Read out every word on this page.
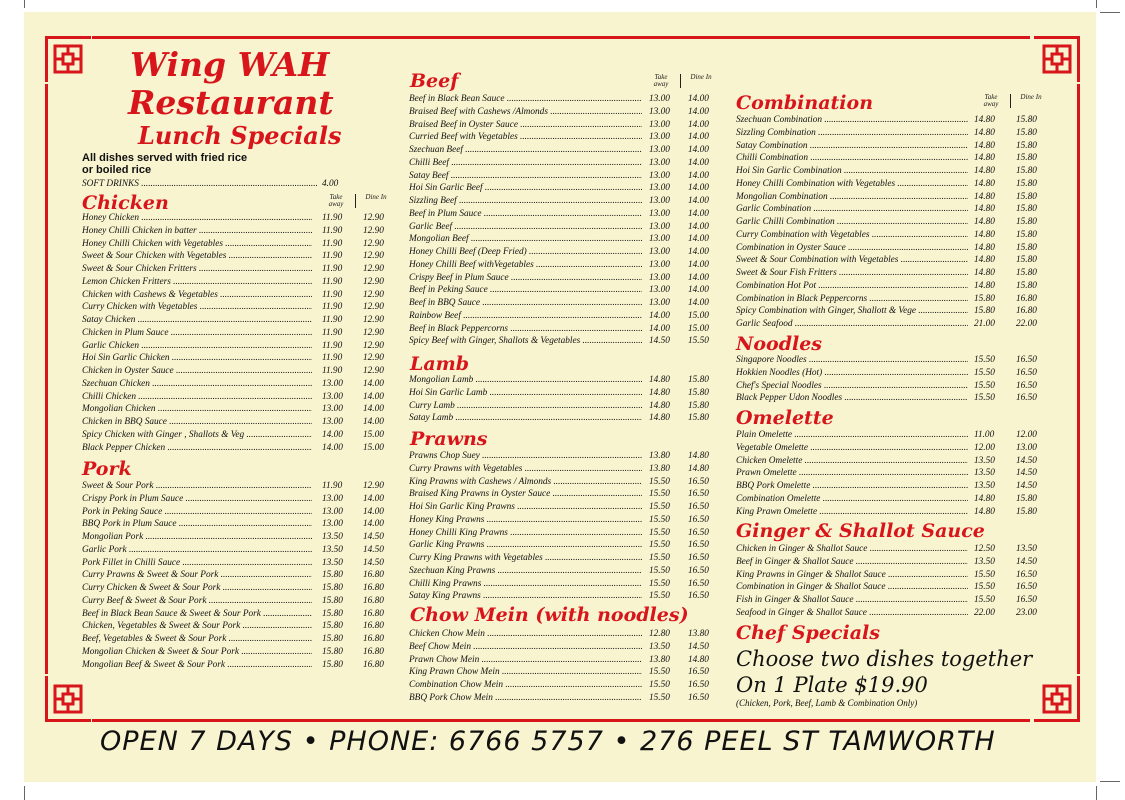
Wing WAH
Restaurant
Lunch Specials
All dishes served with fried rice
or boiled rice
SOFT DRINKS .....	4.00
Chicken	Take away
Dine In
Honey Chicken .....	11.90 12.90
Honey Chilli Chicken in batter .....	11.90 12.90
Honey Chilli Chicken with Vegetables .....	11.90 12.90
Sweet & Sour Chicken with Vegetables .....	11.90 12.90
Sweet & Sour Chicken Fritters .....	11.90 12.90
Lemon Chicken Fritters .....	11.90 12.90
Chicken with Cashews & Vegetables .....	11.90 12.90
Curry Chicken with Vegetables .....	11.90 12.90
Satay Chicken .....	11.90 12.90
Chicken in Plum Sauce .....	11.90 12.90
Garlic Chicken .....	11.90 12.90
Hoi Sin Garlic Chicken .....	11.90 12.90
Chicken in Oyster Sauce .....	11.90 12.90
Szechuan Chicken .....	13.00 14.00
Chilli Chicken .....	13.00 14.00
Mongolian Chicken .....	13.00 14.00
Chicken in BBQ Sauce .....	13.00 14.00
Spicy Chicken with Ginger , Shallots & Veg .....	14.00 15.00
Black Pepper Chicken .....	14.00 15.00
Pork
Sweet & Sour Pork .....	11.90 12.90
Crispy Pork in Plum Sauce .....	13.00 14.00
Pork in Peking Sauce .....	13.00 14.00
BBQ Pork in Plum Sauce .....	13.00 14.00
Mongolian Pork .....	13.50 14.50
Garlic Pork .....	13.50 14.50
Pork Fillet in Chilli Sauce .....	13.50 14.50
Curry Prawns & Sweet & Sour Pork .....	15.80 16.80
Curry Chicken & Sweet & Sour Pork .....	15.80 16.80
Curry Beef & Sweet & Sour Pork .....	15.80 16.80
Beef in Black Bean Sauce & Sweet & Sour Pork .....	15.80 16.80
Chicken, Vegetables & Sweet & Sour Pork .....	15.80 16.80
Beef, Vegetables & Sweet & Sour Pork .....	15.80 16.80
Mongolian Chicken & Sweet & Sour Pork .....	15.80 16.80
Mongolian Beef & Sweet & Sour Pork .....	15.80 16.80
Beef	Take away
Dine In
Beef in Black Bean Sauce .....	13.00 14.00
Braised Beef with Cashews /Almonds .....	13.00 14.00
Braised Beef in Oyster Sauce .....	13.00 14.00
Curried Beef with Vegetables .....	13.00 14.00
Szechuan Beef .....	13.00 14.00
Chilli Beef .....	13.00 14.00
Satay Beef .....	13.00 14.00
Hoi Sin Garlic Beef .....	13.00 14.00
Sizzling Beef .....	13.00 14.00
Beef in Plum Sauce .....	13.00 14.00
Garlic Beef .....	13.00 14.00
Mongolian Beef .....	13.00 14.00
Honey Chilli Beef (Deep Fried) .....	13.00 14.00
Honey Chilli Beef withVegetables .....	13.00 14.00
Crispy Beef in Plum Sauce .....	13.00 14.00
Beef in Peking Sauce .....	13.00 14.00
Beef in BBQ Sauce .....	13.00 14.00
Rainbow Beef .....	14.00 15.00
Beef in Black Peppercorns .....	14.00 15.00
Spicy Beef with Ginger, Shallots & Vegetables .....	14.50 15.50
Lamb
Mongolian Lamb .....	14.80 15.80
Hoi Sin Garlic Lamb .....	14.80 15.80
Curry Lamb .....	14.80 15.80
Satay Lamb .....	14.80 15.80
Prawns
Prawns Chop Suey .....	13.80 14.80
Curry Prawns with Vegetables .....	13.80 14.80
King Prawns with Cashews / Almonds .....	15.50 16.50
Braised King Prawns in Oyster Sauce .....	15.50 16.50
Hoi Sin Garlic King Prawns .....	15.50 16.50
Honey King Prawns .....	15.50 16.50
Honey Chilli King Prawns .....	15.50 16.50
Garlic King Prawns .....	15.50 16.50
Curry King Prawns with Vegetables .....	15.50 16.50
Szechuan King Prawns .....	15.50 16.50
Chilli King Prawns .....	15.50 16.50
Satay King Prawns .....	15.50 16.50
Chow Mein (with noodles)
Chicken Chow Mein .....	12.80 13.80
Beef Chow Mein .....	13.50 14.50
Prawn Chow Mein .....	13.80 14.80
King Prawn Chow Mein .....	15.50 16.50
Combination Chow Mein .....	15.50 16.50
BBQ Pork Chow Mein .....	15.50 16.50
Combination	Take away
Dine In
Szechuan Combination .....	14.80 15.80
Sizzling Combination .....	14.80 15.80
Satay Combination .....	14.80 15.80
Chilli Combination .....	14.80 15.80
Hoi Sin Garlic Combination .....	14.80 15.80
Honey Chilli Combination with Vegetables .....	14.80 15.80
Mongolian Combination .....	14.80 15.80
Garlic Combination .....	14.80 15.80
Garlic Chilli Combination .....	14.80 15.80
Curry Combination with Vegetables .....	14.80 15.80
Combination in Oyster Sauce .....	14.80 15.80
Sweet & Sour Combination with Vegetables .....	14.80 15.80
Sweet & Sour Fish Fritters .....	14.80 15.80
Combination Hot Pot .....	14.80 15.80
Combination in Black Peppercorns .....	15.80 16.80
Spicy Combination with Ginger, Shallott & Vege .....	15.80 16.80
Garlic Seafood .....	21.00 22.00
Noodles
Singapore Noodles .....	15.50 16.50
Hokkien Noodles (Hot) .....	15.50 16.50
Chef's Special Noodles .....	15.50 16.50
Black Pepper Udon Noodles .....	15.50 16.50
Omelette
Plain Omelette .....	11.00 12.00
Vegetable Omelette .....	12.00 13.00
Chicken Omelette .....	13.50 14.50
Prawn Omelette .....	13.50 14.50
BBQ Pork Omelette .....	13.50 14.50
Combination Omelette .....	14.80 15.80
King Prawn Omelette .....	14.80 15.80
Ginger & Shallot Sauce
Chicken in Ginger & Shallot Sauce .....	12.50 13.50
Beef in Ginger & Shallot Sauce .....	13.50 14.50
King Prawns in Ginger & Shallot Sauce .....	15.50 16.50
Combination in Ginger & Shallot Sauce .....	15.50 16.50
Fish in Ginger & Shallot Sauce .....	15.50 16.50
Seafood in Ginger & Shallot Sauce .....	22.00 23.00
Chef Specials
Choose two dishes together
On 1 Plate $19.90
(Chicken, Pork, Beef, Lamb & Combination Only)
OPEN 7 DAYS • PHONE: 6766 5757 • 276 PEEL ST TAMWORTH
